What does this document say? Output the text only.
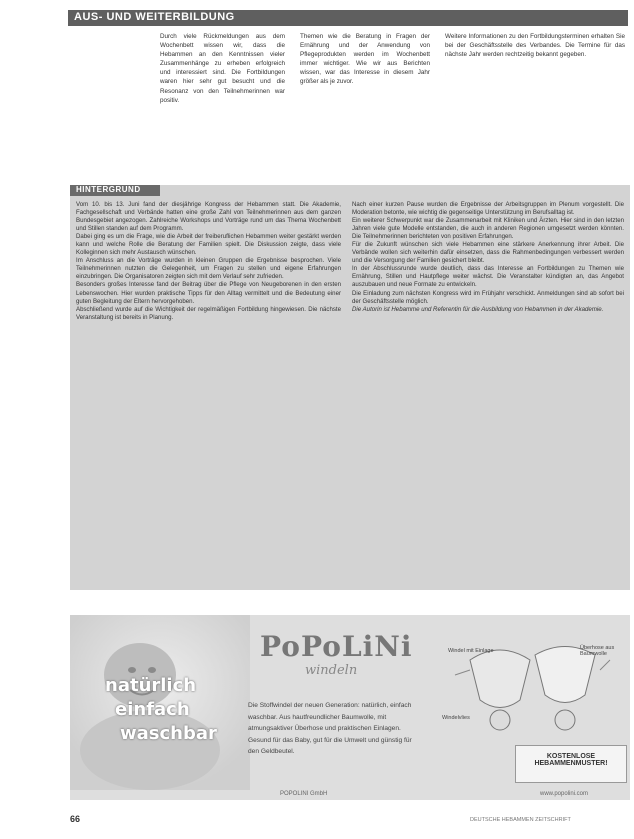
AUS- UND WEITERBILDUNG

Durch viele Rückmeldungen aus dem Wochenbett wissen wir, dass die Hebammen an den Kenntnissen vieler Zusammenhänge zu erheben erfolgreich und interessiert sind. Die Fortbildungen waren hier sehr gut besucht und die Resonanz von den Teilnehmerinnen war positiv.

Themen wie die Beratung in Fragen der Ernährung und der Anwendung von Pflegeprodukten werden im Wochenbett immer wichtiger. Wie wir aus Berichten wissen, war das Interesse in diesem Jahr größer als je zuvor.

Weitere Informationen zu den Fortbildungsterminen erhalten Sie bei der Geschäftsstelle des Verbandes. Die Termine für das nächste Jahr werden rechtzeitig bekannt gegeben.

HINTERGRUND

Vom 10. bis 13. Juni fand der diesjährige Kongress der Hebammen statt. Die Akademie, Fachgesellschaft und Verbände hatten eine große Zahl von Teilnehmerinnen aus dem ganzen Bundesgebiet angezogen. Zahlreiche Workshops und Vorträge rund um das Thema Wochenbett und Stillen standen auf dem Programm.

Dabei ging es um die Frage, wie die Arbeit der freiberuflichen Hebammen weiter gestärkt werden kann und welche Rolle die Beratung der Familien spielt. Die Diskussion zeigte, dass viele Kolleginnen sich mehr Austausch wünschen.

Im Anschluss an die Vorträge wurden in kleinen Gruppen die Ergebnisse besprochen. Viele Teilnehmerinnen nutzten die Gelegenheit, um Fragen zu stellen und eigene Erfahrungen einzubringen. Die Organisatoren zeigten sich mit dem Verlauf sehr zufrieden.

Besonders großes Interesse fand der Beitrag über die Pflege von Neugeborenen in den ersten Lebenswochen. Hier wurden praktische Tipps für den Alltag vermittelt und die Bedeutung einer guten Begleitung der Eltern hervorgehoben.

Abschließend wurde auf die Wichtigkeit der regelmäßigen Fortbildung hingewiesen. Die nächste Veranstaltung ist bereits in Planung.

Nach einer kurzen Pause wurden die Ergebnisse der Arbeitsgruppen im Plenum vorgestellt. Die Moderation betonte, wie wichtig die gegenseitige Unterstützung im Berufsalltag ist.

Ein weiterer Schwerpunkt war die Zusammenarbeit mit Kliniken und Ärzten. Hier sind in den letzten Jahren viele gute Modelle entstanden, die auch in anderen Regionen umgesetzt werden könnten. Die Teilnehmerinnen berichteten von positiven Erfahrungen.

Für die Zukunft wünschen sich viele Hebammen eine stärkere Anerkennung ihrer Arbeit. Die Verbände wollen sich weiterhin dafür einsetzen, dass die Rahmenbedingungen verbessert werden und die Versorgung der Familien gesichert bleibt.

In der Abschlussrunde wurde deutlich, dass das Interesse an Fortbildungen zu Themen wie Ernährung, Stillen und Hautpflege weiter wächst. Die Veranstalter kündigten an, das Angebot auszubauen und neue Formate zu entwickeln.

Die Einladung zum nächsten Kongress wird im Frühjahr verschickt. Anmeldungen sind ab sofort bei der Geschäftsstelle möglich.

Die Autorin ist Hebamme und Referentin für die Ausbildung von Hebammen in der Akademie.

natürlich
einfach
waschbar
PoPoLiNi
windeln
Die Stoffwindel der neuen Generation: natürlich, einfach waschbar. Aus hautfreundlicher Baumwolle, mit atmungsaktiver Überhose und praktischen Einlagen. Gesund für das Baby, gut für die Umwelt und günstig für den Geldbeutel.
Windel mit Einlage	Überhose aus Baumwolle
Windelvlies
KOSTENLOSE
HEBAMMENMUSTER!
POPOLINI GmbH	www.popolini.com
66	DEUTSCHE HEBAMMEN ZEITSCHRIFT
